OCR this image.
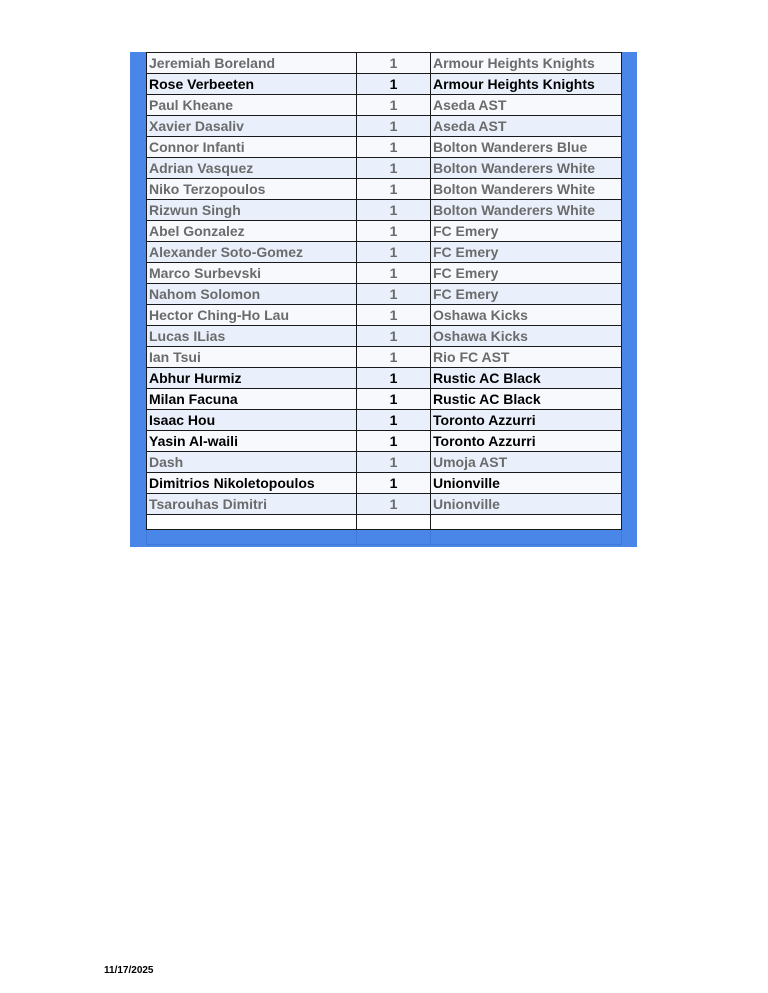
Jeremiah Boreland	1	Armour Heights Knights
Rose Verbeeten	1	Armour Heights Knights
Paul Kheane	1	Aseda AST
Xavier Dasaliv	1	Aseda AST
Connor Infanti	1	Bolton Wanderers Blue
Adrian Vasquez	1	Bolton Wanderers White
Niko Terzopoulos	1	Bolton Wanderers White
Rizwun Singh	1	Bolton Wanderers White
Abel Gonzalez	1	FC Emery
Alexander Soto-Gomez	1	FC Emery
Marco Surbevski	1	FC Emery
Nahom Solomon	1	FC Emery
Hector Ching-Ho Lau	1	Oshawa Kicks
Lucas ILias	1	Oshawa Kicks
Ian Tsui	1	Rio FC AST
Abhur Hurmiz	1	Rustic AC Black
Milan Facuna	1	Rustic AC Black
Isaac Hou	1	Toronto Azzurri
Yasin Al-waili	1	Toronto Azzurri
Dash	1	Umoja AST
Dimitrios Nikoletopoulos	1	Unionville
Tsarouhas Dimitri	1	Unionville

11/17/2025
